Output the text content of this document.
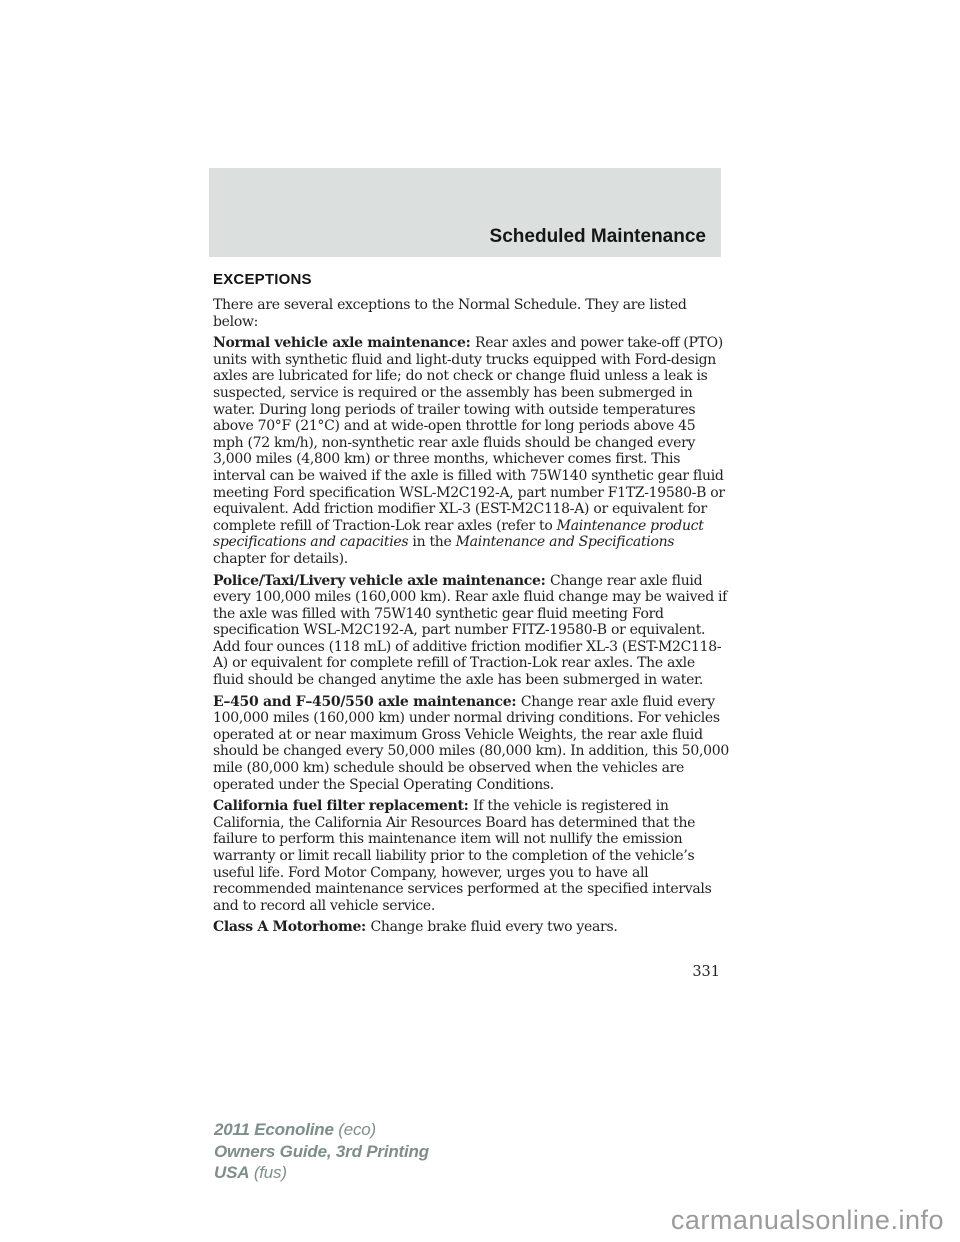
Scheduled Maintenance
EXCEPTIONS

There are several exceptions to the Normal Schedule. They are listed below:

Normal vehicle axle maintenance: Rear axles and power take-off (PTO) units with synthetic fluid and light-duty trucks equipped with Ford-design axles are lubricated for life; do not check or change fluid unless a leak is suspected, service is required or the assembly has been submerged in water. During long periods of trailer towing with outside temperatures above 70°F (21°C) and at wide-open throttle for long periods above 45 mph (72 km/h), non-synthetic rear axle fluids should be changed every 3,000 miles (4,800 km) or three months, whichever comes first. This interval can be waived if the axle is filled with 75W140 synthetic gear fluid meeting Ford specification WSL-M2C192-A, part number F1TZ-19580-B or equivalent. Add friction modifier XL-3 (EST-M2C118-A) or equivalent for complete refill of Traction-Lok rear axles (refer to Maintenance product specifications and capacities in the Maintenance and Specifications chapter for details).

Police/Taxi/Livery vehicle axle maintenance: Change rear axle fluid every 100,000 miles (160,000 km). Rear axle fluid change may be waived if the axle was filled with 75W140 synthetic gear fluid meeting Ford specification WSL-M2C192-A, part number FITZ-19580-B or equivalent. Add four ounces (118 mL) of additive friction modifier XL-3 (EST-M2C118-A) or equivalent for complete refill of Traction-Lok rear axles. The axle fluid should be changed anytime the axle has been submerged in water.

E–450 and F–450/550 axle maintenance: Change rear axle fluid every 100,000 miles (160,000 km) under normal driving conditions. For vehicles operated at or near maximum Gross Vehicle Weights, the rear axle fluid should be changed every 50,000 miles (80,000 km). In addition, this 50,000 mile (80,000 km) schedule should be observed when the vehicles are operated under the Special Operating Conditions.

California fuel filter replacement: If the vehicle is registered in California, the California Air Resources Board has determined that the failure to perform this maintenance item will not nullify the emission warranty or limit recall liability prior to the completion of the vehicle’s useful life. Ford Motor Company, however, urges you to have all recommended maintenance services performed at the specified intervals and to record all vehicle service.

Class A Motorhome: Change brake fluid every two years.

331
2011 Econoline (eco)
Owners Guide, 3rd Printing
USA (fus)
carmanualsonline.info
